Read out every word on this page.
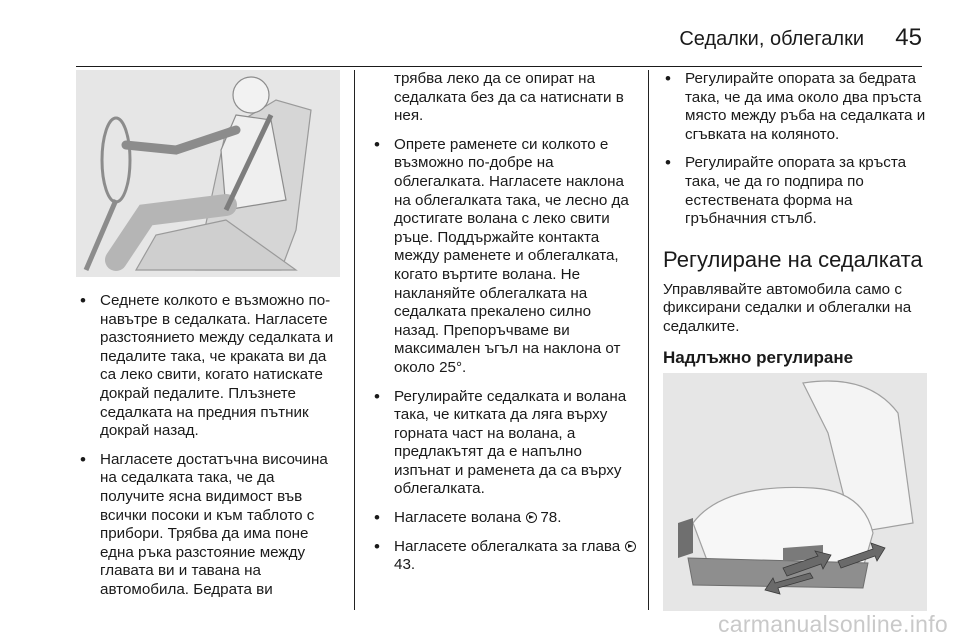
Седалки, облегалки 45

• Седнете колкото е възможно по-навътре в седалката. Нагласете разстоянието между седалката и педалите така, че краката ви да са леко свити, когато натискате докрай педалите. Плъзнете седалката на предния пътник докрай назад.

• Нагласете достатъчна височина на седалката така, че да получите ясна видимост във всички посоки и към таблото с прибори. Трябва да има поне една ръка разстояние между главата ви и тавана на автомобила. Бедрата ви

трябва леко да се опират на седалката без да са натиснати в нея.

• Опрете раменете си колкото е възможно по-добре на облегалката. Нагласете наклона на облегалката така, че лесно да достигате волана с леко свити ръце. Поддържайте контакта между раменете и облегалката, когато въртите волана. Не накланяйте облегалката на седалката прекалено силно назад. Препоръчваме ви максимален ъгъл на наклона от около 25°.

• Регулирайте седалката и волана така, че китката да ляга върху горната част на волана, а предлакътят да е напълно изпънат и раменета да са върху облегалката.

• Нагласете волана 78.

• Нагласете облегалката за глава 43.

• Регулирайте опората за бедрата така, че да има около два пръста място между ръба на седалката и сгъвката на коляното.

• Регулирайте опората за кръста така, че да го подпира по естествената форма на гръбначния стълб.

Регулиране на седалката

Управлявайте автомобила само с фиксирани седалки и облегалки на седалките.

Надлъжно регулиране
carmanualsonline.info
